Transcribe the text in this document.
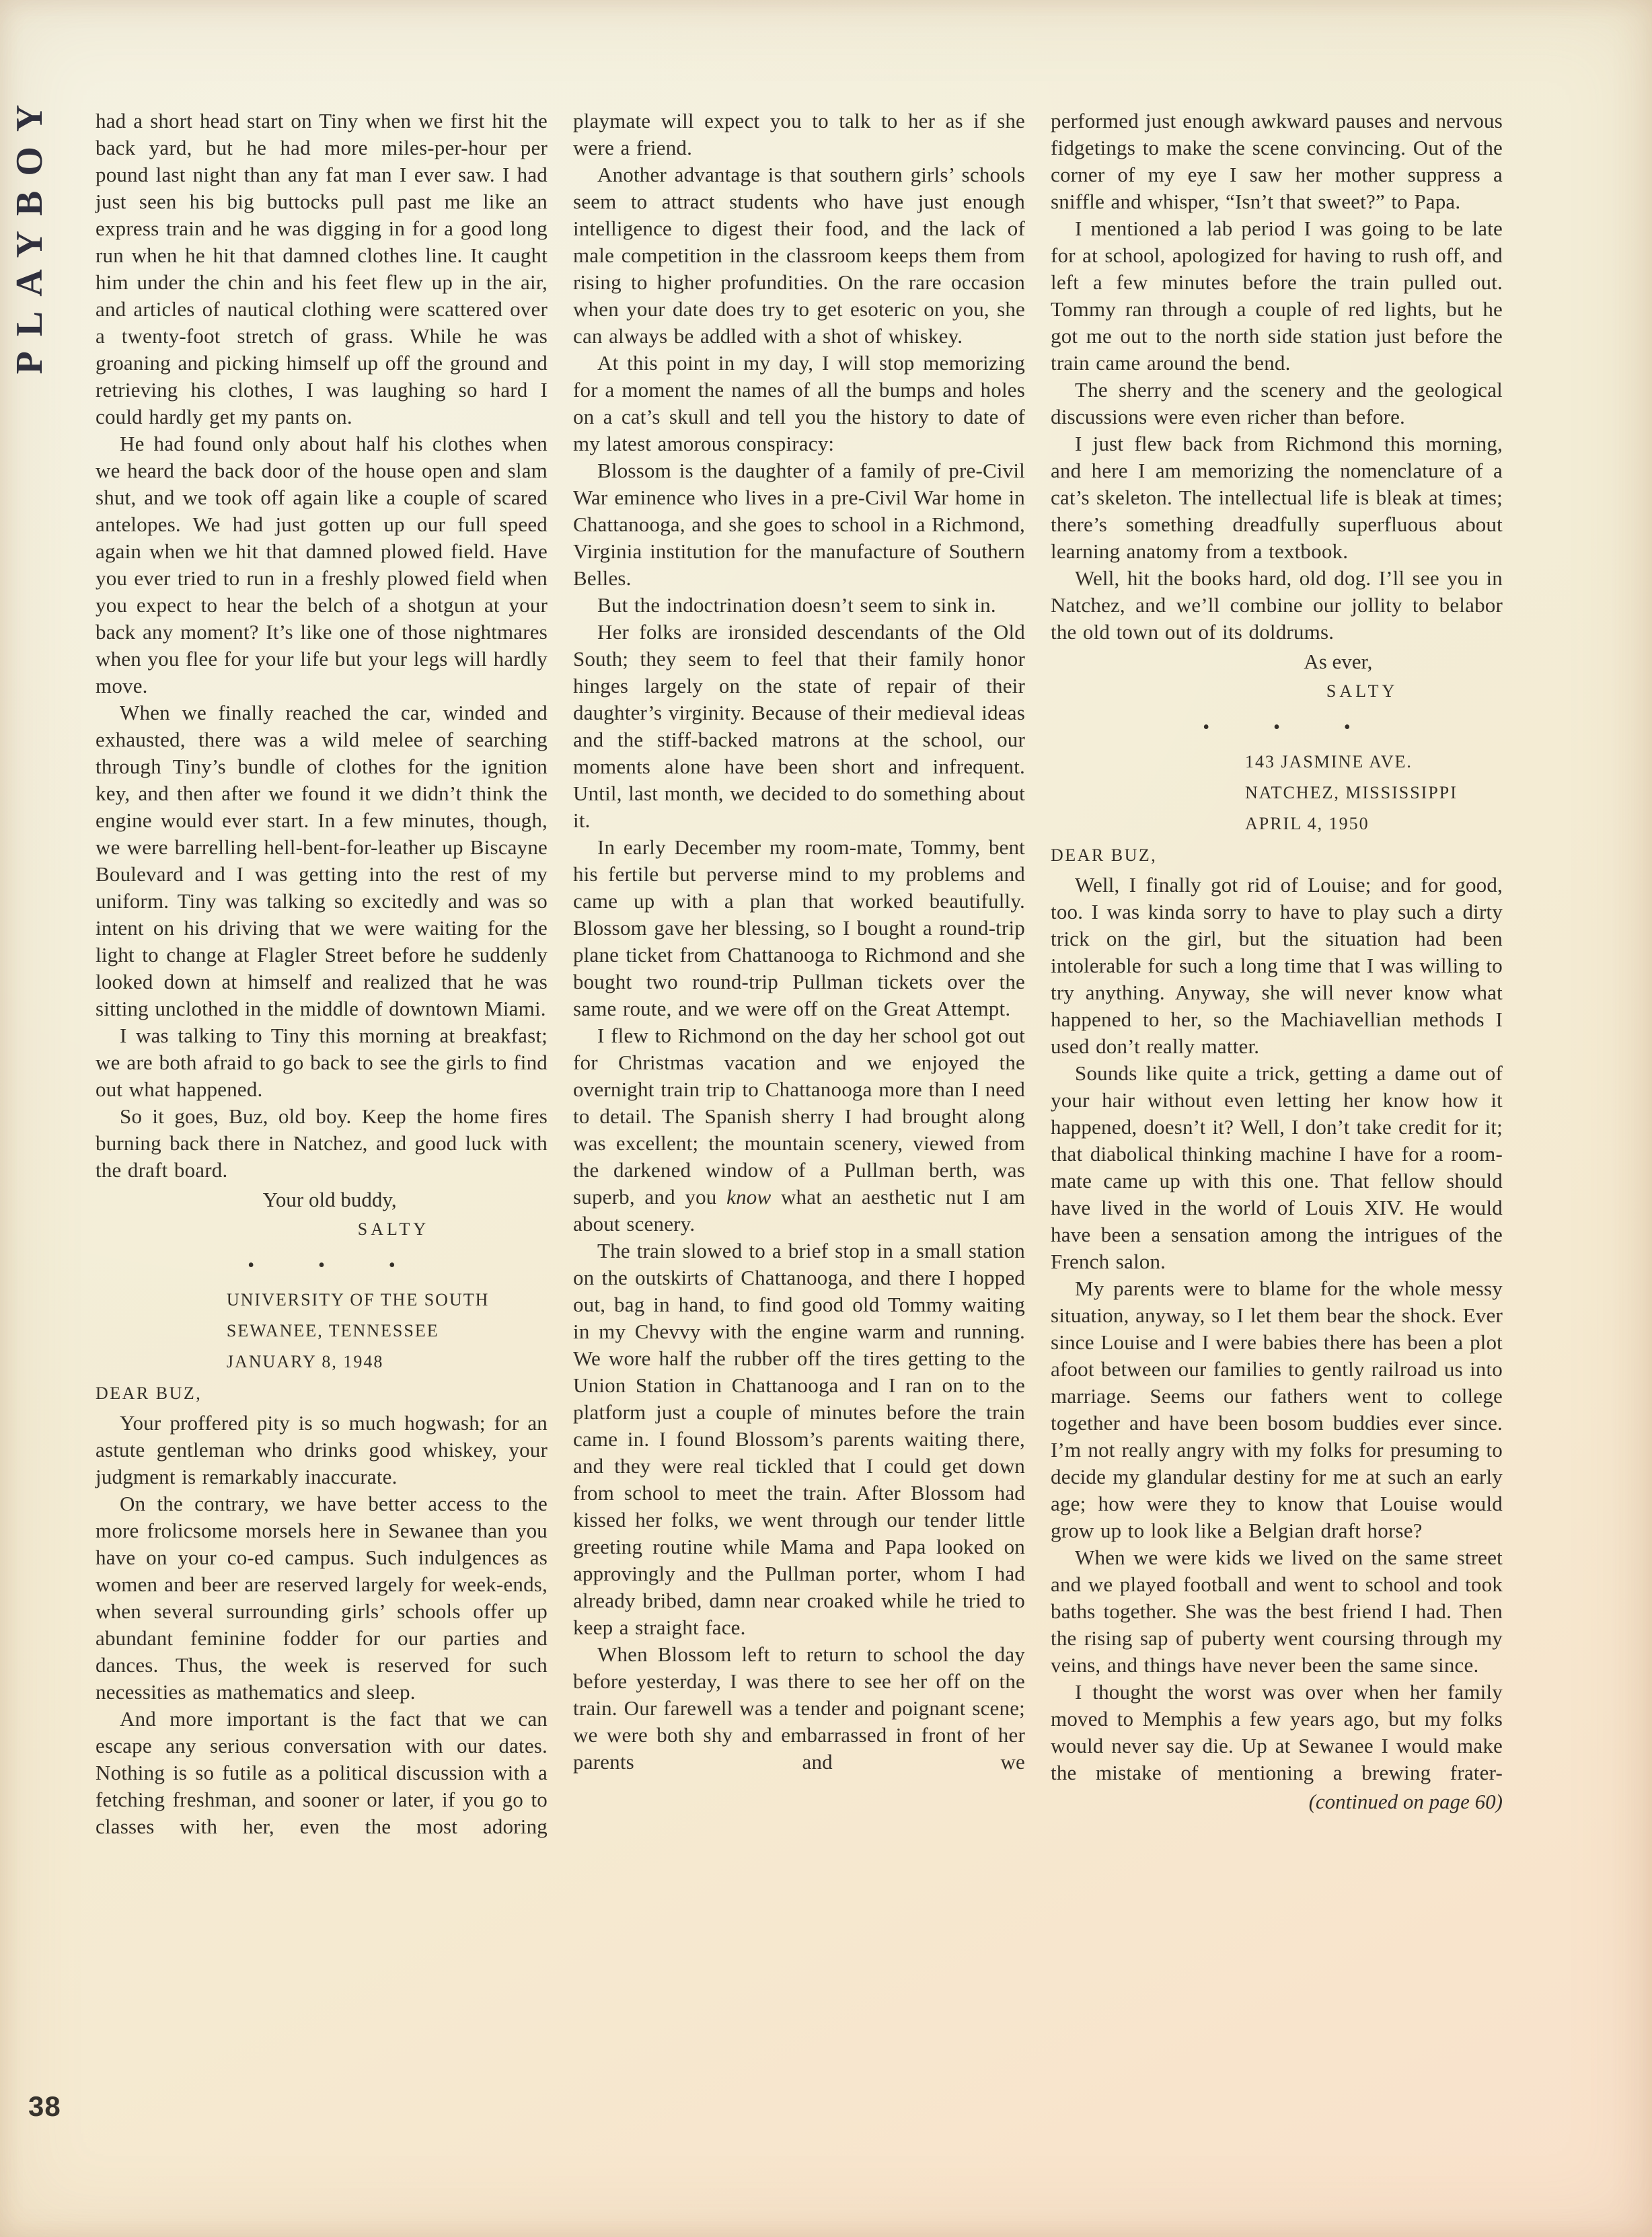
PLAYBOY had a short head start on Tiny when we first hit the back yard, but he had more miles-per-hour per pound last night than any fat man I ever saw. I had just seen his big buttocks pull past me like an express train and he was digging in for a good long run when he hit that damned clothes line. It caught him under the chin and his feet flew up in the air, and articles of nautical clothing were scattered over a twenty-foot stretch of grass. While he was groaning and picking himself up off the ground and retrieving his clothes, I was laughing so hard I could hardly get my pants on.

He had found only about half his clothes when we heard the back door of the house open and slam shut, and we took off again like a couple of scared antelopes. We had just gotten up our full speed again when we hit that damned plowed field. Have you ever tried to run in a freshly plowed field when you expect to hear the belch of a shotgun at your back any moment? It’s like one of those nightmares when you flee for your life but your legs will hardly move.

When we finally reached the car, winded and exhausted, there was a wild melee of searching through Tiny’s bundle of clothes for the ignition key, and then after we found it we didn’t think the engine would ever start. In a few minutes, though, we were barrelling hell-bent-for-leather up Biscayne Boulevard and I was getting into the rest of my uniform. Tiny was talking so excitedly and was so intent on his driving that we were waiting for the light to change at Flagler Street before he suddenly looked down at himself and realized that he was sitting unclothed in the middle of downtown Miami.

I was talking to Tiny this morning at breakfast; we are both afraid to go back to see the girls to find out what happened.

So it goes, Buz, old boy. Keep the home fires burning back there in Natchez, and good luck with the draft board.

Your old buddy,
SALTY
• • •
UNIVERSITY OF THE SOUTH
SEWANEE, TENNESSEE
JANUARY 8, 1948
DEAR BUZ,

Your proffered pity is so much hogwash; for an astute gentleman who drinks good whiskey, your judgment is remarkably inaccurate.

On the contrary, we have better access to the more frolicsome morsels here in Sewanee than you have on your co-ed campus. Such indulgences as women and beer are reserved largely for week-ends, when several surrounding girls’ schools offer up abundant feminine fodder for our parties and dances. Thus, the week is reserved for such necessities as mathematics and sleep.

And more important is the fact that we can escape any serious conversation with our dates. Nothing is so futile as a political discussion with a fetching freshman, and sooner or later, if you go to classes with her, even the most adoring

playmate will expect you to talk to her as if she were a friend.

Another advantage is that southern girls’ schools seem to attract students who have just enough intelligence to digest their food, and the lack of male competition in the classroom keeps them from rising to higher profundities. On the rare occasion when your date does try to get esoteric on you, she can always be addled with a shot of whiskey.

At this point in my day, I will stop memorizing for a moment the names of all the bumps and holes on a cat’s skull and tell you the history to date of my latest amorous conspiracy:

Blossom is the daughter of a family of pre-Civil War eminence who lives in a pre-Civil War home in Chattanooga, and she goes to school in a Richmond, Virginia institution for the manufacture of Southern Belles.

But the indoctrination doesn’t seem to sink in.

Her folks are ironsided descendants of the Old South; they seem to feel that their family honor hinges largely on the state of repair of their daughter’s virginity. Because of their medieval ideas and the stiff-backed matrons at the school, our moments alone have been short and infrequent. Until, last month, we decided to do something about it.

In early December my room-mate, Tommy, bent his fertile but perverse mind to my problems and came up with a plan that worked beautifully. Blossom gave her blessing, so I bought a round-trip plane ticket from Chattanooga to Richmond and she bought two round-trip Pullman tickets over the same route, and we were off on the Great Attempt.

I flew to Richmond on the day her school got out for Christmas vacation and we enjoyed the overnight train trip to Chattanooga more than I need to detail. The Spanish sherry I had brought along was excellent; the mountain scenery, viewed from the darkened window of a Pullman berth, was superb, and you know what an aesthetic nut I am about scenery.

The train slowed to a brief stop in a small station on the outskirts of Chattanooga, and there I hopped out, bag in hand, to find good old Tommy waiting in my Chevvy with the engine warm and running. We wore half the rubber off the tires getting to the Union Station in Chattanooga and I ran on to the platform just a couple of minutes before the train came in. I found Blossom’s parents waiting there, and they were real tickled that I could get down from school to meet the train. After Blossom had kissed her folks, we went through our tender little greeting routine while Mama and Papa looked on approvingly and the Pullman porter, whom I had already bribed, damn near croaked while he tried to keep a straight face.

When Blossom left to return to school the day before yesterday, I was there to see her off on the train. Our farewell was a tender and poignant scene; we were both shy and embarrassed in front of her parents and we

performed just enough awkward pauses and nervous fidgetings to make the scene convincing. Out of the corner of my eye I saw her mother suppress a sniffle and whisper, “Isn’t that sweet?” to Papa.

I mentioned a lab period I was going to be late for at school, apologized for having to rush off, and left a few minutes before the train pulled out. Tommy ran through a couple of red lights, but he got me out to the north side station just before the train came around the bend.

The sherry and the scenery and the geological discussions were even richer than before.

I just flew back from Richmond this morning, and here I am memorizing the nomenclature of a cat’s skeleton. The intellectual life is bleak at times; there’s something dreadfully superfluous about learning anatomy from a textbook.

Well, hit the books hard, old dog. I’ll see you in Natchez, and we’ll combine our jollity to belabor the old town out of its doldrums.

As ever,
SALTY
• • •
143 JASMINE AVE.
NATCHEZ, MISSISSIPPI
APRIL 4, 1950
DEAR BUZ,

Well, I finally got rid of Louise; and for good, too. I was kinda sorry to have to play such a dirty trick on the girl, but the situation had been intolerable for such a long time that I was willing to try anything. Anyway, she will never know what happened to her, so the Machiavellian methods I used don’t really matter.

Sounds like quite a trick, getting a dame out of your hair without even letting her know how it happened, doesn’t it? Well, I don’t take credit for it; that diabolical thinking machine I have for a room-mate came up with this one. That fellow should have lived in the world of Louis XIV. He would have been a sensation among the intrigues of the French salon.

My parents were to blame for the whole messy situation, anyway, so I let them bear the shock. Ever since Louise and I were babies there has been a plot afoot between our families to gently railroad us into marriage. Seems our fathers went to college together and have been bosom buddies ever since. I’m not really angry with my folks for presuming to decide my glandular destiny for me at such an early age; how were they to know that Louise would grow up to look like a Belgian draft horse?

When we were kids we lived on the same street and we played football and went to school and took baths together. She was the best friend I had. Then the rising sap of puberty went coursing through my veins, and things have never been the same since.

I thought the worst was over when her family moved to Memphis a few years ago, but my folks would never say die. Up at Sewanee I would make the mistake of mentioning a brewing frater-

(continued on page 60)
38
